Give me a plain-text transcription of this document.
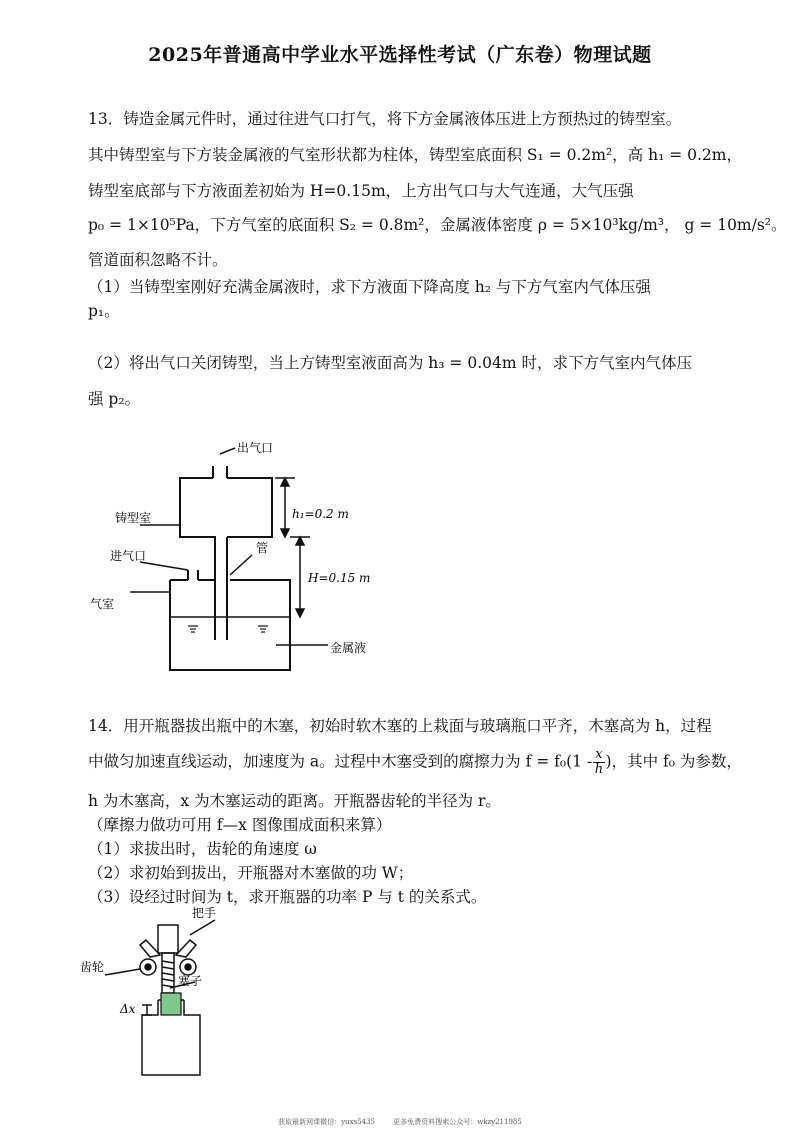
2025年普通高中学业水平选择性考试（广东卷）物理试题
13．铸造金属元件时，通过往进气口打气，将下方金属液体压进上方预热过的铸型室。
其中铸型室与下方装金属液的气室形状都为柱体，铸型室底面积 S₁ = 0.2m²，高 h₁ = 0.2m，
铸型室底部与下方液面差初始为 H=0.15m，上方出气口与大气连通，大气压强
p₀ = 1×10⁵Pa，下方气室的底面积 S₂ = 0.8m²，金属液体密度 ρ = 5×10³kg/m³， g = 10m/s²。
管道面积忽略不计。
（1）当铸型室刚好充满金属液时，求下方液面下降高度 h₂ 与下方气室内气体压强
p₁。
（2）将出气口关闭铸型，当上方铸型室液面高为 h₃ = 0.04m 时，求下方气室内气体压
强 p₂。
出气口
铸型室	h₁=0.2 m
进气口
管
H=0.15 m
气室
金属液
14．用开瓶器拔出瓶中的木塞，初始时软木塞的上栽面与玻璃瓶口平齐，木塞高为 h，过程
中做匀加速直线运动，加速度为 a。过程中木塞受到的腐擦力为 $f = f_0(1 - \frac{x}{h}$ )，其中 f₀ 为参数，
h 为木塞高，x 为木塞运动的距离。开瓶器齿轮的半径为 r。
（摩擦力做功可用 f—x 图像围成面积来算）
（1）求拔出时，齿轮的角速度 ω
（2）求初始到拔出，开瓶器对木塞做的功 W；
（3）设经过时间为 t，求开瓶器的功率 P 与 t 的关系式。
把手
齿轮
塞子
Δx
获取最新网课微信：yuxs5435	更多免费资料搜索公众号：wkzy211985
